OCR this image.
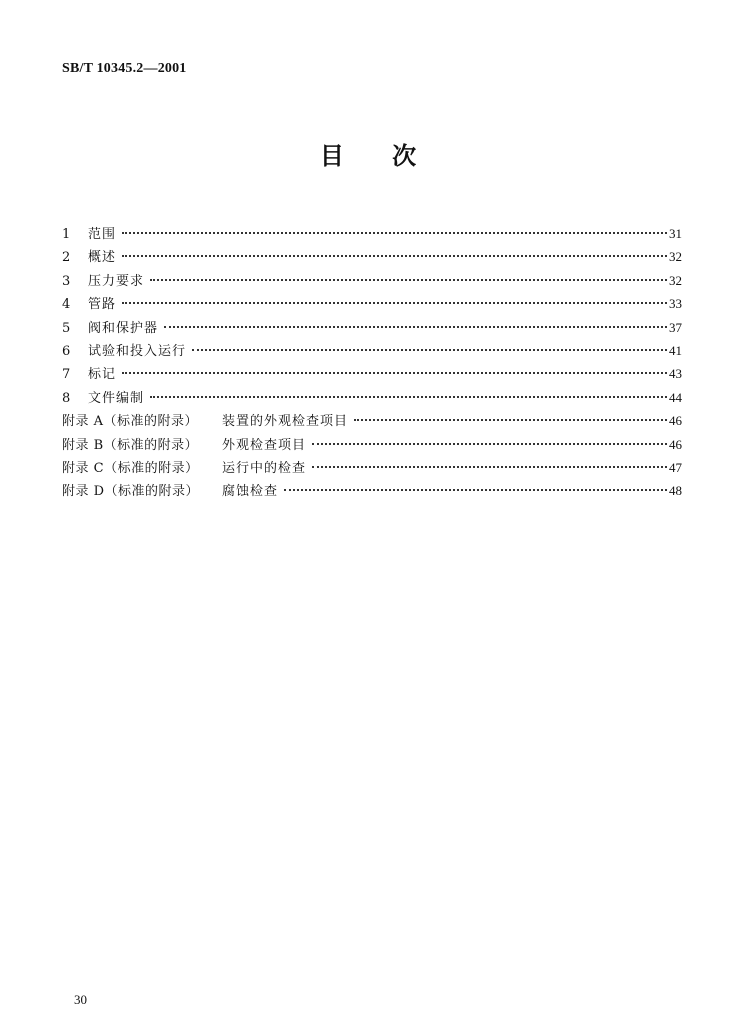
SB/T 10345.2—2001
目 次
1	范围	31
2	概述	32
3	压力要求	32
4	管路	33
5	阀和保护器	37
6	试验和投入运行	41
7	标记	43
8	文件编制	44
附录 A（标准的附录）	装置的外观检查项目	46
附录 B（标准的附录）	外观检查项目	46
附录 C（标准的附录）	运行中的检查	47
附录 D（标准的附录）	腐蚀检查	48
30
